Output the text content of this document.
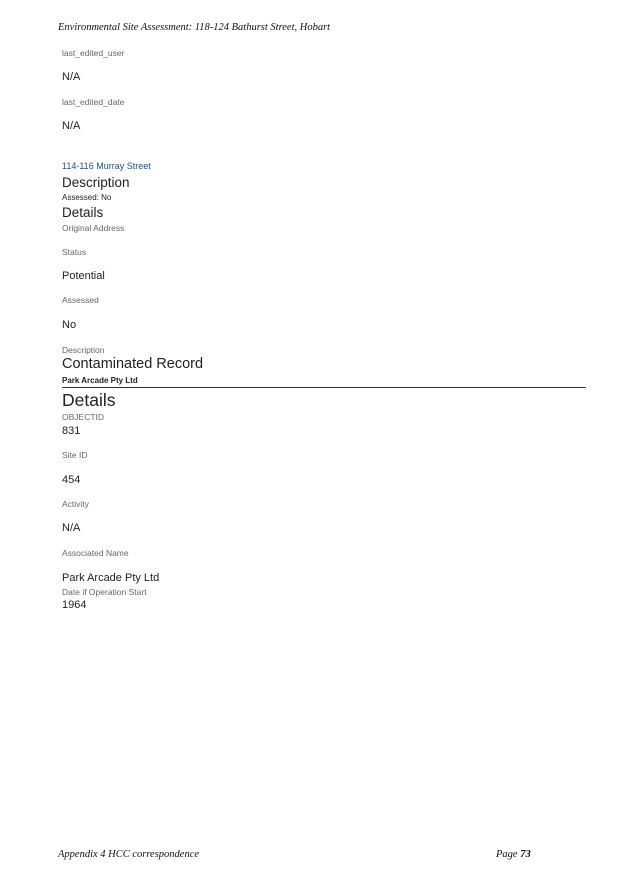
Environmental Site Assessment: 118-124 Bathurst Street, Hobart
last_edited_user
N/A
last_edited_date
N/A
114-116 Murray Street
Description
Assessed: No
Details
Original Address
Status
Potential
Assessed
No
Description
Contaminated Record
Park Arcade Pty Ltd
Details
OBJECTID
831
Site ID
454
Activity
N/A
Associated Name
Park Arcade Pty Ltd
Date if Operation Start
1964
Appendix 4 HCC correspondence	Page 73
